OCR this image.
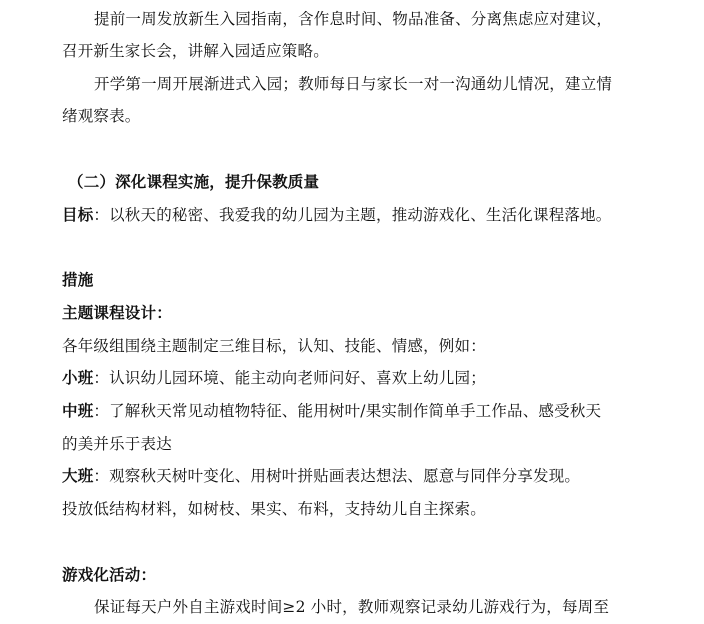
提前一周发放新生入园指南，含作息时间、物品准备、分离焦虑应对建议，
召开新生家长会，讲解入园适应策略。
开学第一周开展渐进式入园；教师每日与家长一对一沟通幼儿情况，建立情
绪观察表。
（二）深化课程实施，提升保教质量
目标：以秋天的秘密、我爱我的幼儿园为主题，推动游戏化、生活化课程落地。
措施
主题课程设计：
各年级组围绕主题制定三维目标，认知、技能、情感，例如：
小班：认识幼儿园环境、能主动向老师问好、喜欢上幼儿园；
中班：了解秋天常见动植物特征、能用树叶/果实制作简单手工作品、感受秋天
的美并乐于表达
大班：观察秋天树叶变化、用树叶拼贴画表达想法、愿意与同伴分享发现。
投放低结构材料，如树枝、果实、布料，支持幼儿自主探索。
游戏化活动：
保证每天户外自主游戏时间≥2 小时，教师观察记录幼儿游戏行为，每周至
